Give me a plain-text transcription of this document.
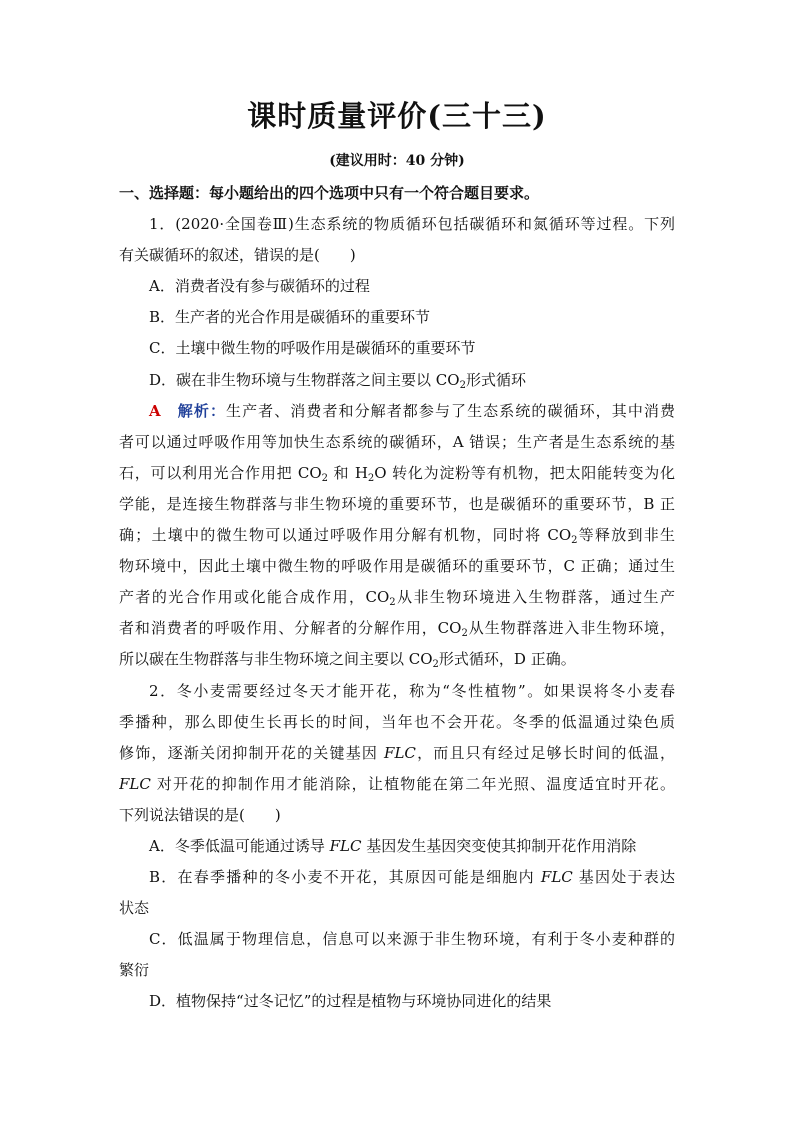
课时质量评价(三十三)
(建议用时：40 分钟)
一、选择题：每小题给出的四个选项中只有一个符合题目要求。
1．(2020·全国卷Ⅲ)生态系统的物质循环包括碳循环和氮循环等过程。下列
有关碳循环的叙述，错误的是(　　)
A．消费者没有参与碳循环的过程
B．生产者的光合作用是碳循环的重要环节
C．土壤中微生物的呼吸作用是碳循环的重要环节
D．碳在非生物环境与生物群落之间主要以 $CO_2$形式循环
A　 解析：生产者、消费者和分解者都参与了生态系统的碳循环，其中消费
者可以通过呼吸作用等加快生态系统的碳循环，A 错误；生产者是生态系统的基
石，可以利用光合作用把 $CO_2$ 和 $H_2O$ 转化为淀粉等有机物，把太阳能转变为化
学能，是连接生物群落与非生物环境的重要环节，也是碳循环的重要环节，B 正
确；土壤中的微生物可以通过呼吸作用分解有机物，同时将 $CO_2$等释放到非生
物环境中，因此土壤中微生物的呼吸作用是碳循环的重要环节，C 正确；通过生
产者的光合作用或化能合成作用，$CO_2$从非生物环境进入生物群落，通过生产
者和消费者的呼吸作用、分解者的分解作用，$CO_2$从生物群落进入非生物环境，
所以碳在生物群落与非生物环境之间主要以 $CO_2$形式循环，D 正确。
2．冬小麦需要经过冬天才能开花，称为“冬性植物”。如果误将冬小麦春
季播种，那么即使生长再长的时间，当年也不会开花。冬季的低温通过染色质
修饰，逐渐关闭抑制开花的关键基因 FLC，而且只有经过足够长时间的低温，
FLC 对开花的抑制作用才能消除，让植物能在第二年光照、温度适宜时开花。
下列说法错误的是(　　)
A．冬季低温可能通过诱导 FLC 基因发生基因突变使其抑制开花作用消除
B．在春季播种的冬小麦不开花，其原因可能是细胞内 FLC 基因处于表达
状态
C．低温属于物理信息，信息可以来源于非生物环境，有利于冬小麦种群的
繁衍
D．植物保持“过冬记忆”的过程是植物与环境协同进化的结果
